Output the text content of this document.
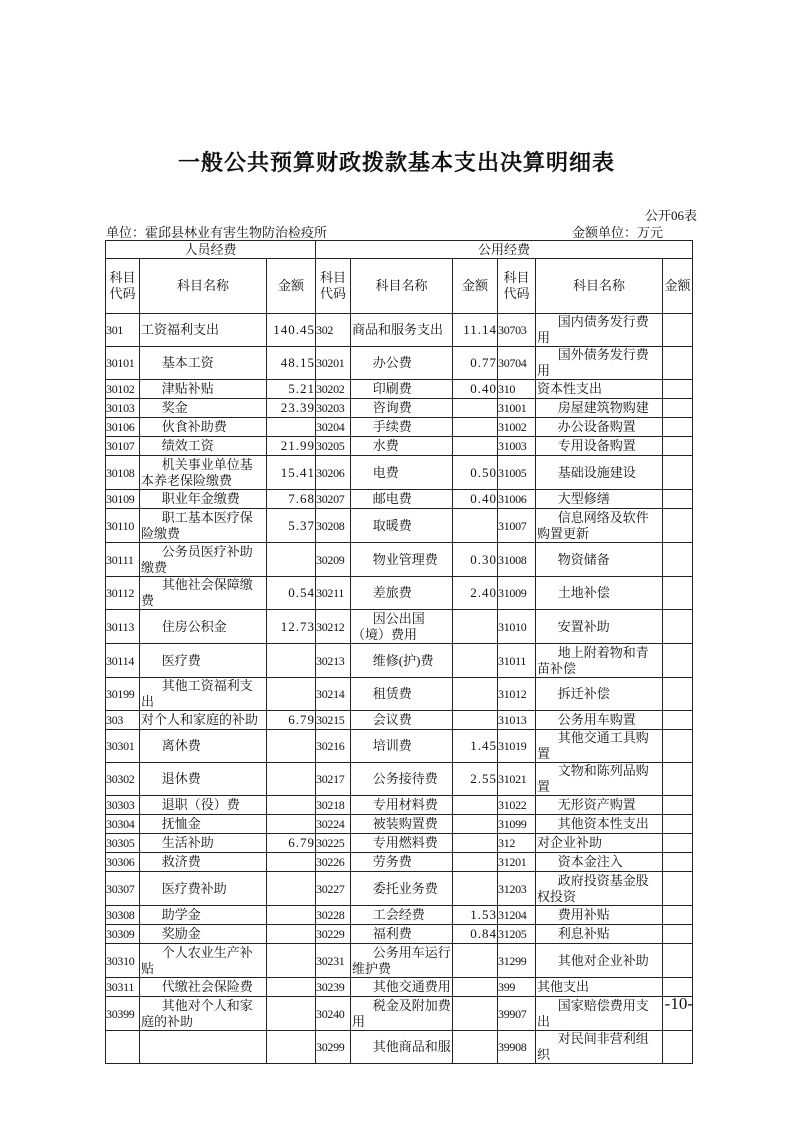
一般公共预算财政拨款基本支出决算明细表
公开06表
单位：霍邱县林业有害生物防治检疫所	金额单位：万元
人员经费			公用经费					
科目代码	科目名称	金额	科目代码	科目名称	金额	科目代码	科目名称	金额
301	工资福利支出	140.45	302	商品和服务支出	11.14	30703	国内债务发行费用	
30101	基本工资	48.15	30201	办公费	0.77	30704	国外债务发行费用	
30102	津贴补贴	5.21	30202	印刷费	0.40	310	资本性支出	
30103	奖金	23.39	30203	咨询费		31001	房屋建筑物购建	
30106	伙食补助费		30204	手续费		31002	办公设备购置	
30107	绩效工资	21.99	30205	水费		31003	专用设备购置	
30108	机关事业单位基本养老保险缴费	15.41	30206	电费	0.50	31005	基础设施建设	
30109	职业年金缴费	7.68	30207	邮电费	0.40	31006	大型修缮	
30110	职工基本医疗保险缴费	5.37	30208	取暖费		31007	信息网络及软件购置更新	
30111	公务员医疗补助缴费		30209	物业管理费	0.30	31008	物资储备	
30112	其他社会保障缴费	0.54	30211	差旅费	2.40	31009	土地补偿	
30113	住房公积金	12.73	30212	因公出国（境）费用		31010	安置补助	
30114	医疗费		30213	维修(护)费		31011	地上附着物和青苗补偿	
30199	其他工资福利支出		30214	租赁费		31012	拆迁补偿	
303	对个人和家庭的补助	6.79	30215	会议费		31013	公务用车购置	
30301	离休费		30216	培训费	1.45	31019	其他交通工具购置	
30302	退休费		30217	公务接待费	2.55	31021	文物和陈列品购置	
30303	退职（役）费		30218	专用材料费		31022	无形资产购置	
30304	抚恤金		30224	被装购置费		31099	其他资本性支出	
30305	生活补助	6.79	30225	专用燃料费		312	对企业补助	
30306	救济费		30226	劳务费		31201	资本金注入	
30307	医疗费补助		30227	委托业务费		31203	政府投资基金股权投资	
30308	助学金		30228	工会经费	1.53	31204	费用补贴	
30309	奖励金		30229	福利费	0.84	31205	利息补贴	
30310	个人农业生产补贴		30231	公务用车运行维护费		31299	其他对企业补助	
30311	代缴社会保险费		30239	其他交通费用		399	其他支出	
30399	其他对个人和家庭的补助		30240	税金及附加费用		39907	国家赔偿费用支出	
			30299	其他商品和服		39908	对民间非营利组织	
-10-
